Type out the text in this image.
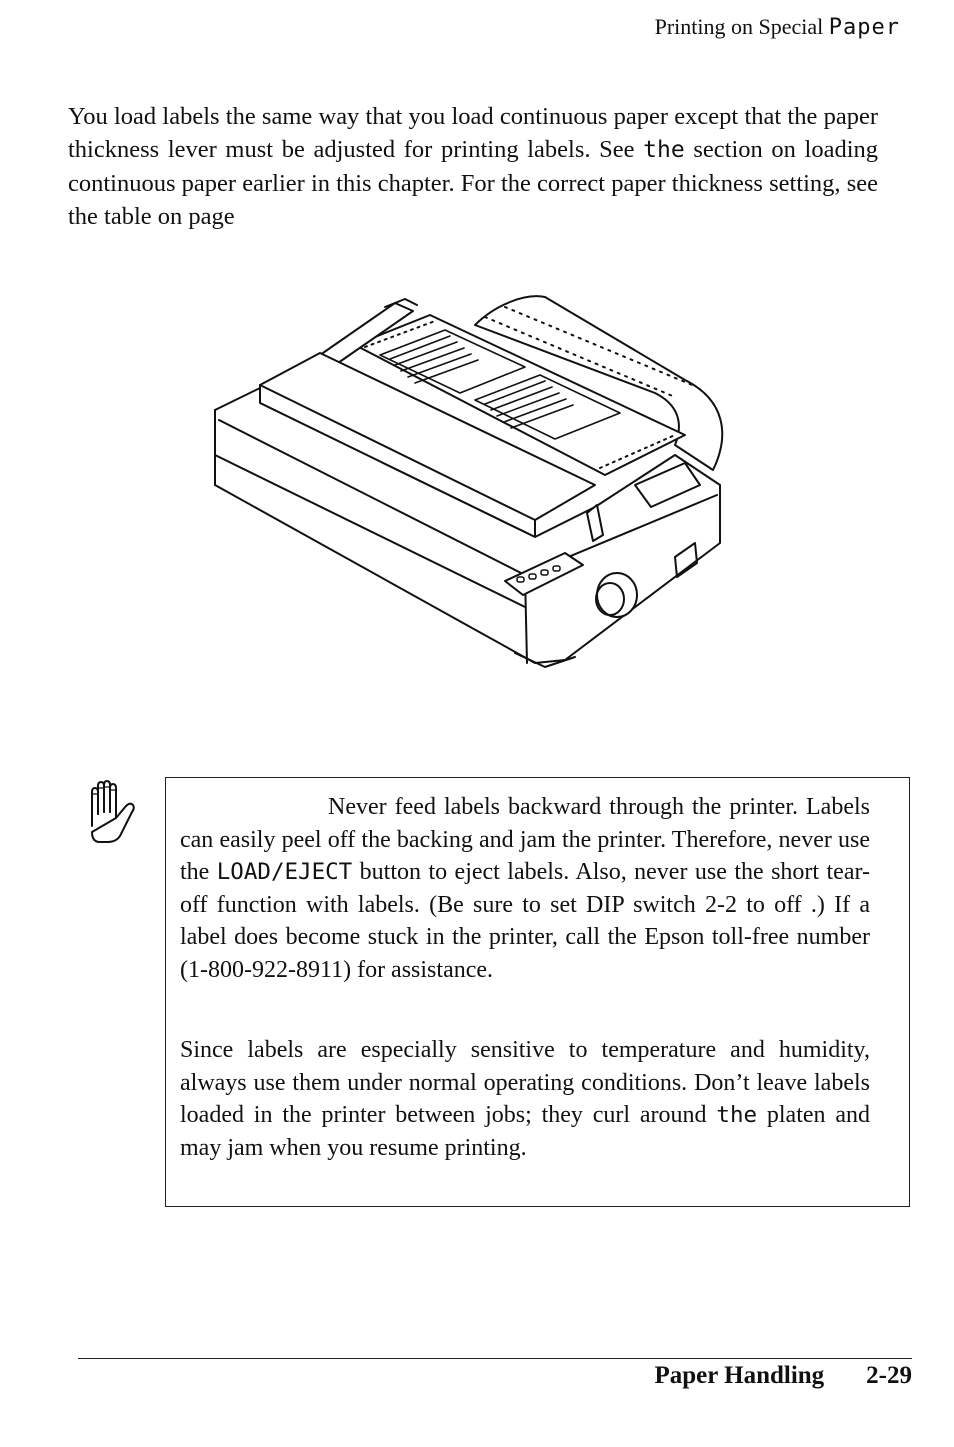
Printing on Special Paper

You load labels the same way that you load continuous paper except that the paper thickness lever must be adjusted for printing labels. See the section on loading continuous paper earlier in this chapter. For the correct paper thickness setting, see the table on page

Never feed labels backward through the printer. Labels can easily peel off the backing and jam the printer. Therefore, never use the LOAD/EJECT button to eject labels. Also, never use the short tear-off function with labels. (Be sure to set DIP switch 2-2 to off .) If a label does become stuck in the printer, call the Epson toll-free number (1-800-922-8911) for assistance.

Since labels are especially sensitive to temperature and humidity, always use them under normal operating conditions. Don’t leave labels loaded in the printer between jobs; they curl around the platen and may jam when you resume printing.

Paper Handling 2-29
